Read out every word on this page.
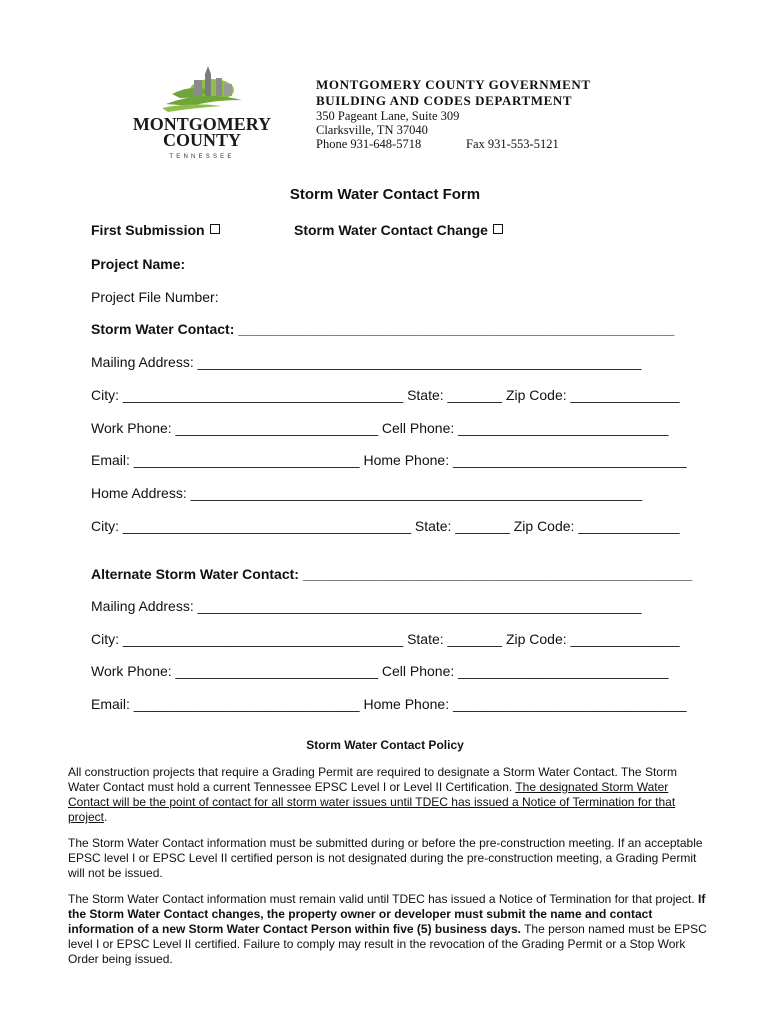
MONTGOMERY
COUNTY
TENNESSEE
MONTGOMERY COUNTY GOVERNMENT
BUILDING AND CODES DEPARTMENT
350 Pageant Lane, Suite 309
Clarksville, TN 37040
Phone 931-648-5718	Fax 931-553-5121
Storm Water Contact Form
First Submission	Storm Water Contact Change
Project Name:
Project File Number:
Storm Water Contact: ________________________________________________________
Mailing Address: _________________________________________________________
City: ____________________________________ State: _______ Zip Code: ______________
Work Phone: __________________________ Cell Phone: ___________________________
Email: _____________________________ Home Phone: ______________________________
Home Address: __________________________________________________________
City: _____________________________________ State: _______ Zip Code: _____________
Alternate Storm Water Contact: __________________________________________________
Mailing Address: _________________________________________________________
City: ____________________________________ State: _______ Zip Code: ______________
Work Phone: __________________________ Cell Phone: ___________________________
Email: _____________________________ Home Phone: ______________________________
Storm Water Contact Policy
All construction projects that require a Grading Permit are required to designate a Storm Water Contact. The Storm Water Contact must hold a current Tennessee EPSC Level I or Level II Certification. The designated Storm Water Contact will be the point of contact for all storm water issues until TDEC has issued a Notice of Termination for that project.
The Storm Water Contact information must be submitted during or before the pre-construction meeting. If an acceptable EPSC level I or EPSC Level II certified person is not designated during the pre-construction meeting, a Grading Permit will not be issued.
The Storm Water Contact information must remain valid until TDEC has issued a Notice of Termination for that project. If the Storm Water Contact changes, the property owner or developer must submit the name and contact information of a new Storm Water Contact Person within five (5) business days. The person named must be EPSC level I or EPSC Level II certified. Failure to comply may result in the revocation of the Grading Permit or a Stop Work Order being issued.
